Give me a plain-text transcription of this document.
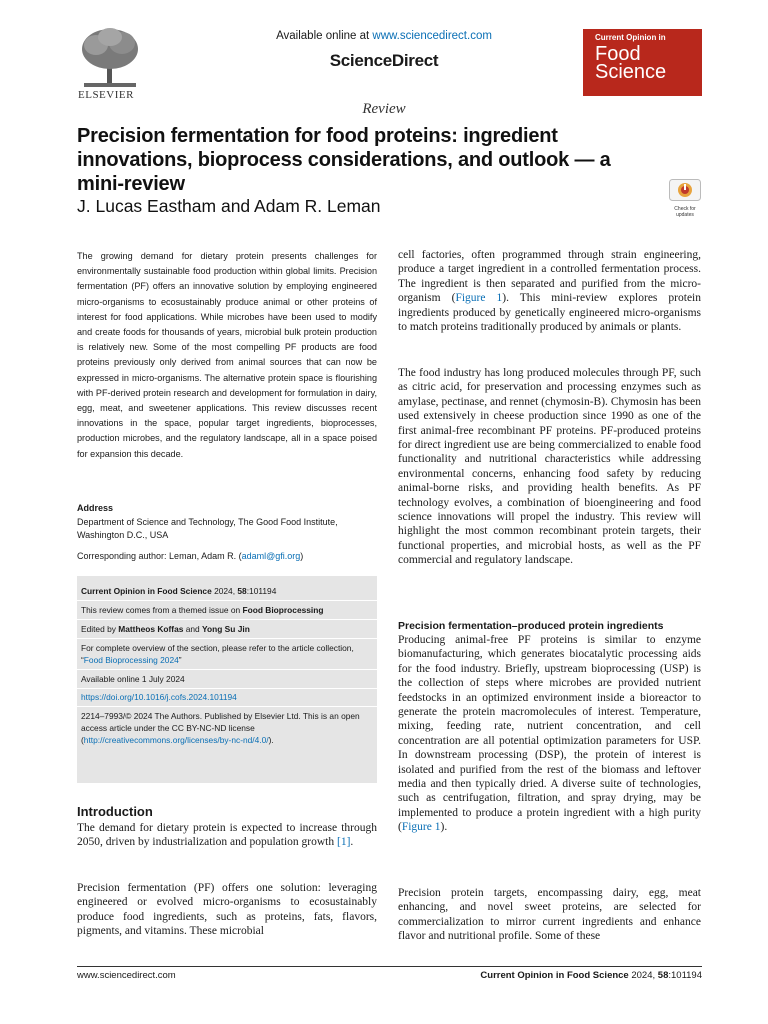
ELSEVIER
Available online at www.sciencedirect.com
ScienceDirect
Current Opinion in
Food
Science
Review
Precision fermentation for food proteins: ingredient innovations, bioprocess considerations, and outlook — a mini-review
J. Lucas Eastham and Adam R. Leman	Check for
updates
The growing demand for dietary protein presents challenges for environmentally sustainable food production within global limits. Precision fermentation (PF) offers an innovative solution by employing engineered micro-organisms to ecosustainably produce animal or other proteins of interest for food applications. While microbes have been used to modify and create foods for thousands of years, microbial bulk protein production is relatively new. Some of the most compelling PF products are food proteins previously only derived from animal sources that can now be expressed in micro-organisms. The alternative protein space is flourishing with PF-derived protein research and development for formulation in dairy, egg, meat, and sweetener applications. This review discusses recent innovations in the space, popular target ingredients, bioprocesses, production microbes, and the regulatory landscape, all in a space poised for expansion this decade.
Address
Department of Science and Technology, The Good Food Institute, Washington D.C., USA
Corresponding author: Leman, Adam R. (adaml@gfi.org)
Current Opinion in Food Science 2024, 58:101194
This review comes from a themed issue on Food Bioprocessing
Edited by Mattheos Koffas and Yong Su Jin
For complete overview of the section, please refer to the article collection, “Food Bioprocessing 2024”
Available online 1 July 2024
https://doi.org/10.1016/j.cofs.2024.101194
2214–7993/© 2024 The Authors. Published by Elsevier Ltd. This is an open access article under the CC BY-NC-ND license (http://creativecommons.org/licenses/by-nc-nd/4.0/).
Introduction
The demand for dietary protein is expected to increase through 2050, driven by industrialization and population growth [1].
Precision fermentation (PF) offers one solution: leveraging engineered or evolved micro-organisms to ecosustainably produce food ingredients, such as proteins, fats, flavors, pigments, and vitamins. These microbial
cell factories, often programmed through strain engineering, produce a target ingredient in a controlled fermentation process. The ingredient is then separated and purified from the micro-organism (Figure 1). This mini-review explores protein ingredients produced by genetically engineered micro-organisms to match proteins traditionally produced by animals or plants.
The food industry has long produced molecules through PF, such as citric acid, for preservation and processing enzymes such as amylase, pectinase, and rennet (chymosin-B). Chymosin has been used extensively in cheese production since 1990 as one of the first animal-free recombinant PF proteins. PF-produced proteins for direct ingredient use are being commercialized to enable food functionality and nutritional characteristics while addressing environmental concerns, enhancing food safety by reducing animal-borne risks, and providing health benefits. As PF technology evolves, a combination of bioengineering and food science innovations will propel the industry. This review will highlight the most common recombinant protein targets, their functional properties, and microbial hosts, as well as the PF commercial and regulatory landscape.
Precision fermentation–produced protein ingredients
Producing animal-free PF proteins is similar to enzyme biomanufacturing, which generates biocatalytic processing aids for the food industry. Briefly, upstream bioprocessing (USP) is the collection of steps where microbes are provided nutrient feedstocks in an optimized environment inside a bioreactor to generate the protein macromolecules of interest. Temperature, mixing, feeding rate, nutrient concentration, and cell concentration are all potential optimization parameters for USP. In downstream processing (DSP), the protein of interest is isolated and purified from the rest of the biomass and leftover media and then typically dried. A diverse suite of technologies, such as centrifugation, filtration, and spray drying, may be implemented to produce a protein ingredient with a high purity (Figure 1).
Precision protein targets, encompassing dairy, egg, meat enhancing, and novel sweet proteins, are selected for commercialization to mirror current ingredients and enhance flavor and nutritional profile. Some of these
www.sciencedirect.com	Current Opinion in Food Science 2024, 58:101194
